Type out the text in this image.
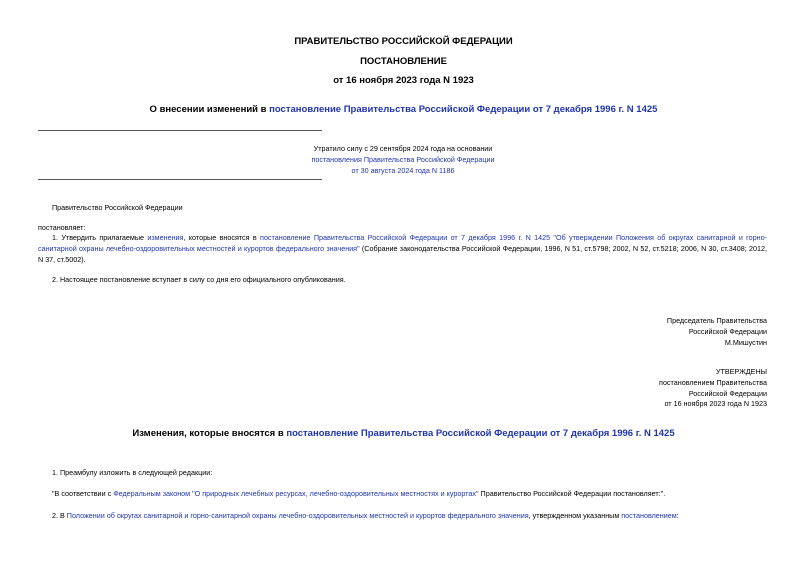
ПРАВИТЕЛЬСТВО РОССИЙСКОЙ ФЕДЕРАЦИИ
ПОСТАНОВЛЕНИЕ
от 16 ноября 2023 года N 1923
О внесении изменений в постановление Правительства Российской Федерации от 7 декабря 1996 г. N 1425
Утратило силу с 29 сентября 2024 года на основании
постановления Правительства Российской Федерации
от 30 августа 2024 года N 1186
Правительство Российской Федерации
постановляет:
1. Утвердить прилагаемые изменения, которые вносятся в постановление Правительства Российской Федерации от 7 декабря 1996 г. N 1425 "Об утверждении Положения об округах санитарной и горно-санитарной охраны лечебно-оздоровительных местностей и курортов федерального значения" (Собрание законодательства Российской Федерации, 1996, N 51, ст.5798; 2002, N 52, ст.5218; 2006, N 30, ст.3408; 2012, N 37, ст.5002).
2. Настоящее постановление вступает в силу со дня его официального опубликования.
Председатель Правительства
Российской Федерации
М.Мишустин
УТВЕРЖДЕНЫ
постановлением Правительства
Российской Федерации
от 16 ноября 2023 года N 1923
Изменения, которые вносятся в постановление Правительства Российской Федерации от 7 декабря 1996 г. N 1425
1. Преамбулу изложить в следующей редакции:
"В соответствии с Федеральным законом "О природных лечебных ресурсах, лечебно-оздоровительных местностях и курортах" Правительство Российской Федерации постановляет:".
2. В Положении об округах санитарной и горно-санитарной охраны лечебно-оздоровительных местностей и курортов федерального значения, утвержденном указанным постановлением:
